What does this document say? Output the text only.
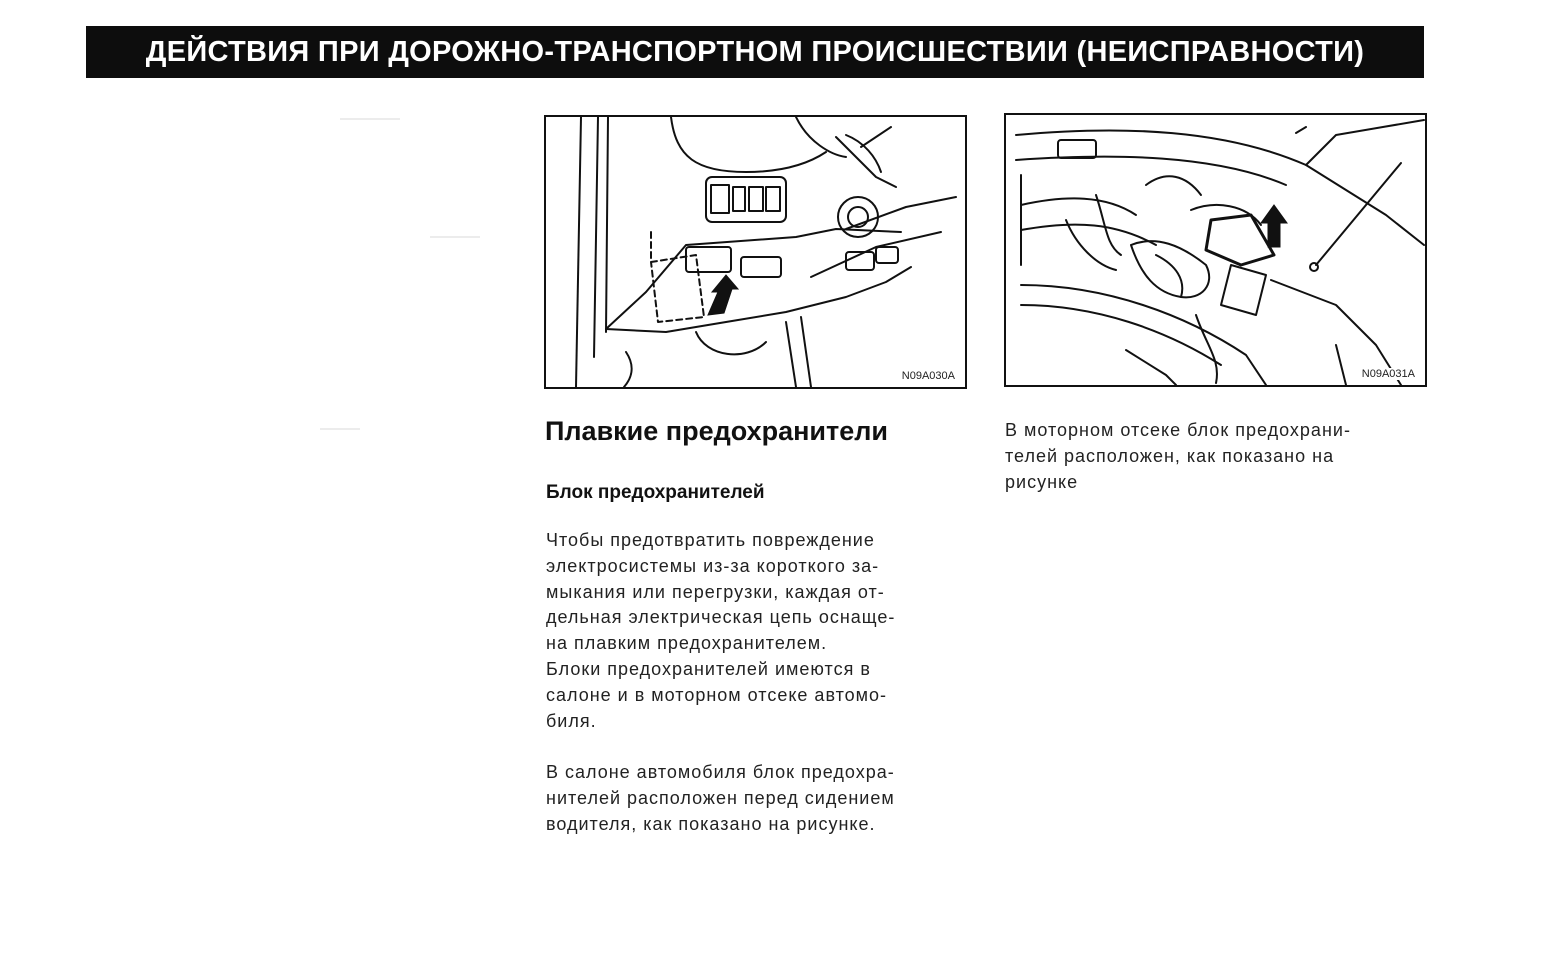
ДЕЙСТВИЯ ПРИ ДОРОЖНО-ТРАНСПОРТНОМ ПРОИСШЕСТВИИ (НЕИСПРАВНОСТИ)
N09A030A	N09A031A
Плавкие предохранители
Блок предохранителей
Чтобы предотвратить повреждение
электросистемы из-за короткого за-
мыкания или перегрузки, каждая от-
дельная электрическая цепь оснаще-
на плавким предохранителем.
Блоки предохранителей имеются в
салоне и в моторном отсеке автомо-
биля.
В салоне автомобиля блок предохра-
нителей расположен перед сидением
водителя, как показано на рисунке.
В моторном отсеке блок предохрани-
телей расположен, как показано на
рисунке
